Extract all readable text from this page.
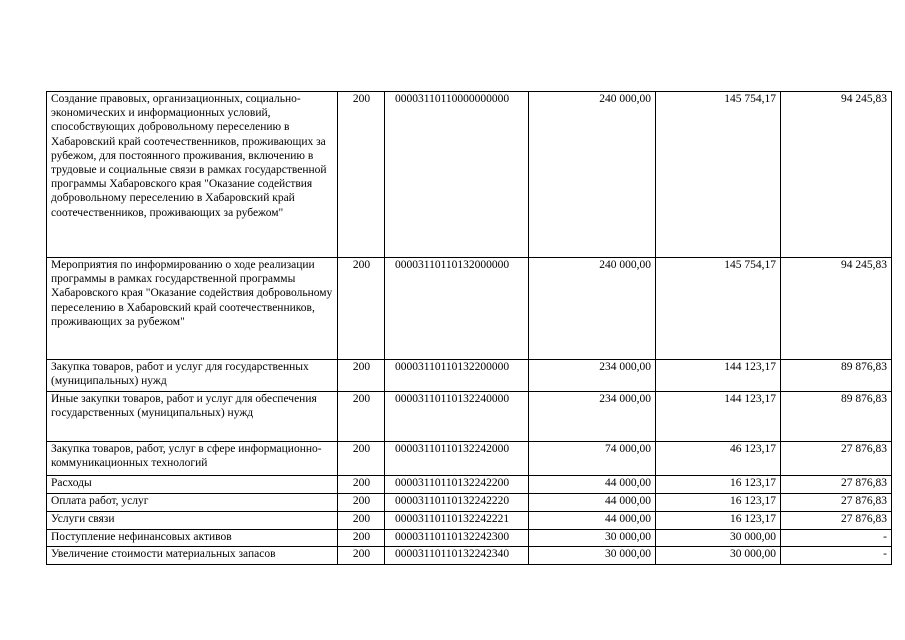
Создание правовых, организационных, социально-экономических и информационных условий, способствующих добровольному переселению в Хабаровский край соотечественников, проживающих за рубежом, для постоянного проживания, включению в трудовые и социальные связи в рамках государственной программы Хабаровского края "Оказание содействия добровольному переселению в Хабаровский край соотечественников, проживающих за рубежом"	200	00003110110000000000	240 000,00	145 754,17	94 245,83
Мероприятия по информированию о ходе реализации программы в рамках государственной программы Хабаровского края "Оказание содействия добровольному переселению в Хабаровский край соотечественников, проживающих за рубежом"	200	00003110110132000000	240 000,00	145 754,17	94 245,83
Закупка товаров, работ и услуг для государственных (муниципальных) нужд	200	00003110110132200000	234 000,00	144 123,17	89 876,83
Иные закупки товаров, работ и услуг для обеспечения государственных (муниципальных) нужд	200	00003110110132240000	234 000,00	144 123,17	89 876,83
Закупка товаров, работ, услуг в сфере информационно-коммуникационных технологий	200	00003110110132242000	74 000,00	46 123,17	27 876,83
Расходы	200	00003110110132242200	44 000,00	16 123,17	27 876,83
Оплата работ, услуг	200	00003110110132242220	44 000,00	16 123,17	27 876,83
Услуги связи	200	00003110110132242221	44 000,00	16 123,17	27 876,83
Поступление нефинансовых активов	200	00003110110132242300	30 000,00	30 000,00	-
Увеличение стоимости материальных запасов	200	00003110110132242340	30 000,00	30 000,00	-
